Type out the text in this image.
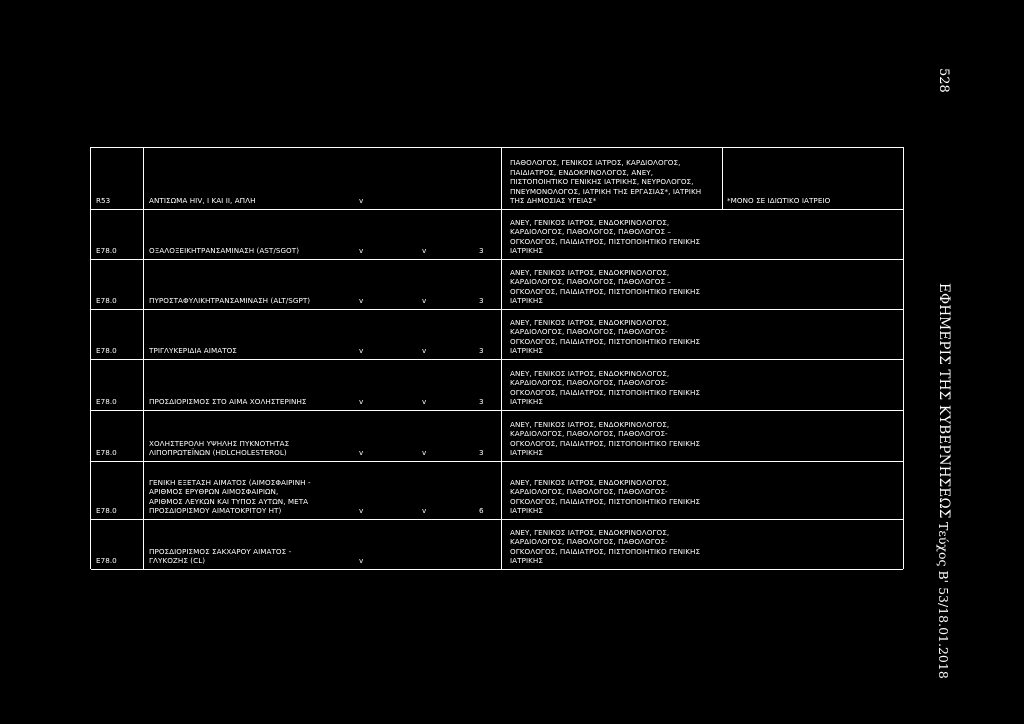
528
ΕΦΗΜΕΡΙΣ ΤΗΣ ΚΥΒΕΡΝΗΣΕΩΣ
Τεύχος Β' 53/18.01.2018
R53	ΑΝΤΙΣΩΜΑ HIV, I ΚΑΙ II, ΑΠΛΗ	v
ΠΑΘΟΛΟΓΟΣ, ΓΕΝΙΚΟΣ ΙΑΤΡΟΣ, ΚΑΡΔΙΟΛΟΓΟΣ,
ΠΑΙΔΙΑΤΡΟΣ, ΕΝΔΟΚΡΙΝΟΛΟΓΟΣ, ΑΝΕΥ,
ΠΙΣΤΟΠΟΙΗΤΙΚΟ ΓΕΝΙΚΗΣ ΙΑΤΡΙΚΗΣ, ΝΕΥΡΟΛΟΓΟΣ,
ΠΝΕΥΜΟΝΟΛΟΓΟΣ, ΙΑΤΡΙΚΗ ΤΗΣ ΕΡΓΑΣΙΑΣ*, ΙΑΤΡΙΚΗ
ΤΗΣ ΔΗΜΟΣΙΑΣ ΥΓΕΙΑΣ*	*ΜΟΝΟ ΣΕ ΙΔΙΩΤΙΚΟ ΙΑΤΡΕΙΟ
E78.0	ΟΞΑΛΟΞΕΙΚΗΤΡΑΝΣΑΜΙΝΑΣΗ (AST/SGOT)	v	v	3
ΑΝΕΥ, ΓΕΝΙΚΟΣ ΙΑΤΡΟΣ, ΕΝΔΟΚΡΙΝΟΛΟΓΟΣ,
ΚΑΡΔΙΟΛΟΓΟΣ, ΠΑΘΟΛΟΓΟΣ, ΠΑΘΟΛΟΓΟΣ –
ΟΓΚΟΛΟΓΟΣ, ΠΑΙΔΙΑΤΡΟΣ, ΠΙΣΤΟΠΟΙΗΤΙΚΟ ΓΕΝΙΚΗΣ
ΙΑΤΡΙΚΗΣ
E78.0	ΠΥΡΟΣΤΑΦΥΛΙΚΗΤΡΑΝΣΑΜΙΝΑΣΗ (ALT/SGPT)	v	v	3
ΑΝΕΥ, ΓΕΝΙΚΟΣ ΙΑΤΡΟΣ, ΕΝΔΟΚΡΙΝΟΛΟΓΟΣ,
ΚΑΡΔΙΟΛΟΓΟΣ, ΠΑΘΟΛΟΓΟΣ, ΠΑΘΟΛΟΓΟΣ –
ΟΓΚΟΛΟΓΟΣ, ΠΑΙΔΙΑΤΡΟΣ, ΠΙΣΤΟΠΟΙΗΤΙΚΟ ΓΕΝΙΚΗΣ
ΙΑΤΡΙΚΗΣ
E78.0	ΤΡΙΓΛΥΚΕΡΙΔΙΑ ΑΙΜΑΤΟΣ	v	v	3
ΑΝΕΥ, ΓΕΝΙΚΟΣ ΙΑΤΡΟΣ, ΕΝΔΟΚΡΙΝΟΛΟΓΟΣ,
ΚΑΡΔΙΟΛΟΓΟΣ, ΠΑΘΟΛΟΓΟΣ, ΠΑΘΟΛΟΓΟΣ-
ΟΓΚΟΛΟΓΟΣ, ΠΑΙΔΙΑΤΡΟΣ, ΠΙΣΤΟΠΟΙΗΤΙΚΟ ΓΕΝΙΚΗΣ
ΙΑΤΡΙΚΗΣ
E78.0	ΠΡΟΣΔΙΟΡΙΣΜΟΣ ΣΤΟ ΑΙΜΑ ΧΟΛΗΣΤΕΡΙΝΗΣ	v	v	3
ΑΝΕΥ, ΓΕΝΙΚΟΣ ΙΑΤΡΟΣ, ΕΝΔΟΚΡΙΝΟΛΟΓΟΣ,
ΚΑΡΔΙΟΛΟΓΟΣ, ΠΑΘΟΛΟΓΟΣ, ΠΑΘΟΛΟΓΟΣ-
ΟΓΚΟΛΟΓΟΣ, ΠΑΙΔΙΑΤΡΟΣ, ΠΙΣΤΟΠΟΙΗΤΙΚΟ ΓΕΝΙΚΗΣ
ΙΑΤΡΙΚΗΣ
E78.0
ΧΟΛΗΣΤΕΡΟΛΗ ΥΨΗΛΗΣ ΠΥΚΝΟΤΗΤΑΣ
ΛΙΠΟΠΡΩΤΕΪΝΩΝ (HDLCHOLESTEROL)	v	v	3
ΑΝΕΥ, ΓΕΝΙΚΟΣ ΙΑΤΡΟΣ, ΕΝΔΟΚΡΙΝΟΛΟΓΟΣ,
ΚΑΡΔΙΟΛΟΓΟΣ, ΠΑΘΟΛΟΓΟΣ, ΠΑΘΟΛΟΓΟΣ-
ΟΓΚΟΛΟΓΟΣ, ΠΑΙΔΙΑΤΡΟΣ, ΠΙΣΤΟΠΟΙΗΤΙΚΟ ΓΕΝΙΚΗΣ
ΙΑΤΡΙΚΗΣ
E78.0
ΓΕΝΙΚΗ ΕΞΕΤΑΣΗ ΑΙΜΑΤΟΣ (ΑΙΜΟΣΦΑΙΡΙΝΗ -
ΑΡΙΘΜΟΣ ΕΡΥΘΡΩΝ ΑΙΜΟΣΦΑΙΡΙΩΝ,
ΑΡΙΘΜΟΣ ΛΕΥΚΩΝ ΚΑΙ ΤΥΠΟΣ ΑΥΤΩΝ, ΜΕΤΑ
ΠΡΟΣΔΙΟΡΙΣΜΟΥ ΑΙΜΑΤΟΚΡΙΤΟΥ ΗΤ)	v	v	6
ΑΝΕΥ, ΓΕΝΙΚΟΣ ΙΑΤΡΟΣ, ΕΝΔΟΚΡΙΝΟΛΟΓΟΣ,
ΚΑΡΔΙΟΛΟΓΟΣ, ΠΑΘΟΛΟΓΟΣ, ΠΑΘΟΛΟΓΟΣ-
ΟΓΚΟΛΟΓΟΣ, ΠΑΙΔΙΑΤΡΟΣ, ΠΙΣΤΟΠΟΙΗΤΙΚΟ ΓΕΝΙΚΗΣ
ΙΑΤΡΙΚΗΣ
E78.0
ΠΡΟΣΔΙΟΡΙΣΜΟΣ ΣΑΚΧΑΡΟΥ ΑΙΜΑΤΟΣ -
ΓΛΥΚΟΖΗΣ (CL)	v
ΑΝΕΥ, ΓΕΝΙΚΟΣ ΙΑΤΡΟΣ, ΕΝΔΟΚΡΙΝΟΛΟΓΟΣ,
ΚΑΡΔΙΟΛΟΓΟΣ, ΠΑΘΟΛΟΓΟΣ, ΠΑΘΟΛΟΓΟΣ-
ΟΓΚΟΛΟΓΟΣ, ΠΑΙΔΙΑΤΡΟΣ, ΠΙΣΤΟΠΟΙΗΤΙΚΟ ΓΕΝΙΚΗΣ
ΙΑΤΡΙΚΗΣ
